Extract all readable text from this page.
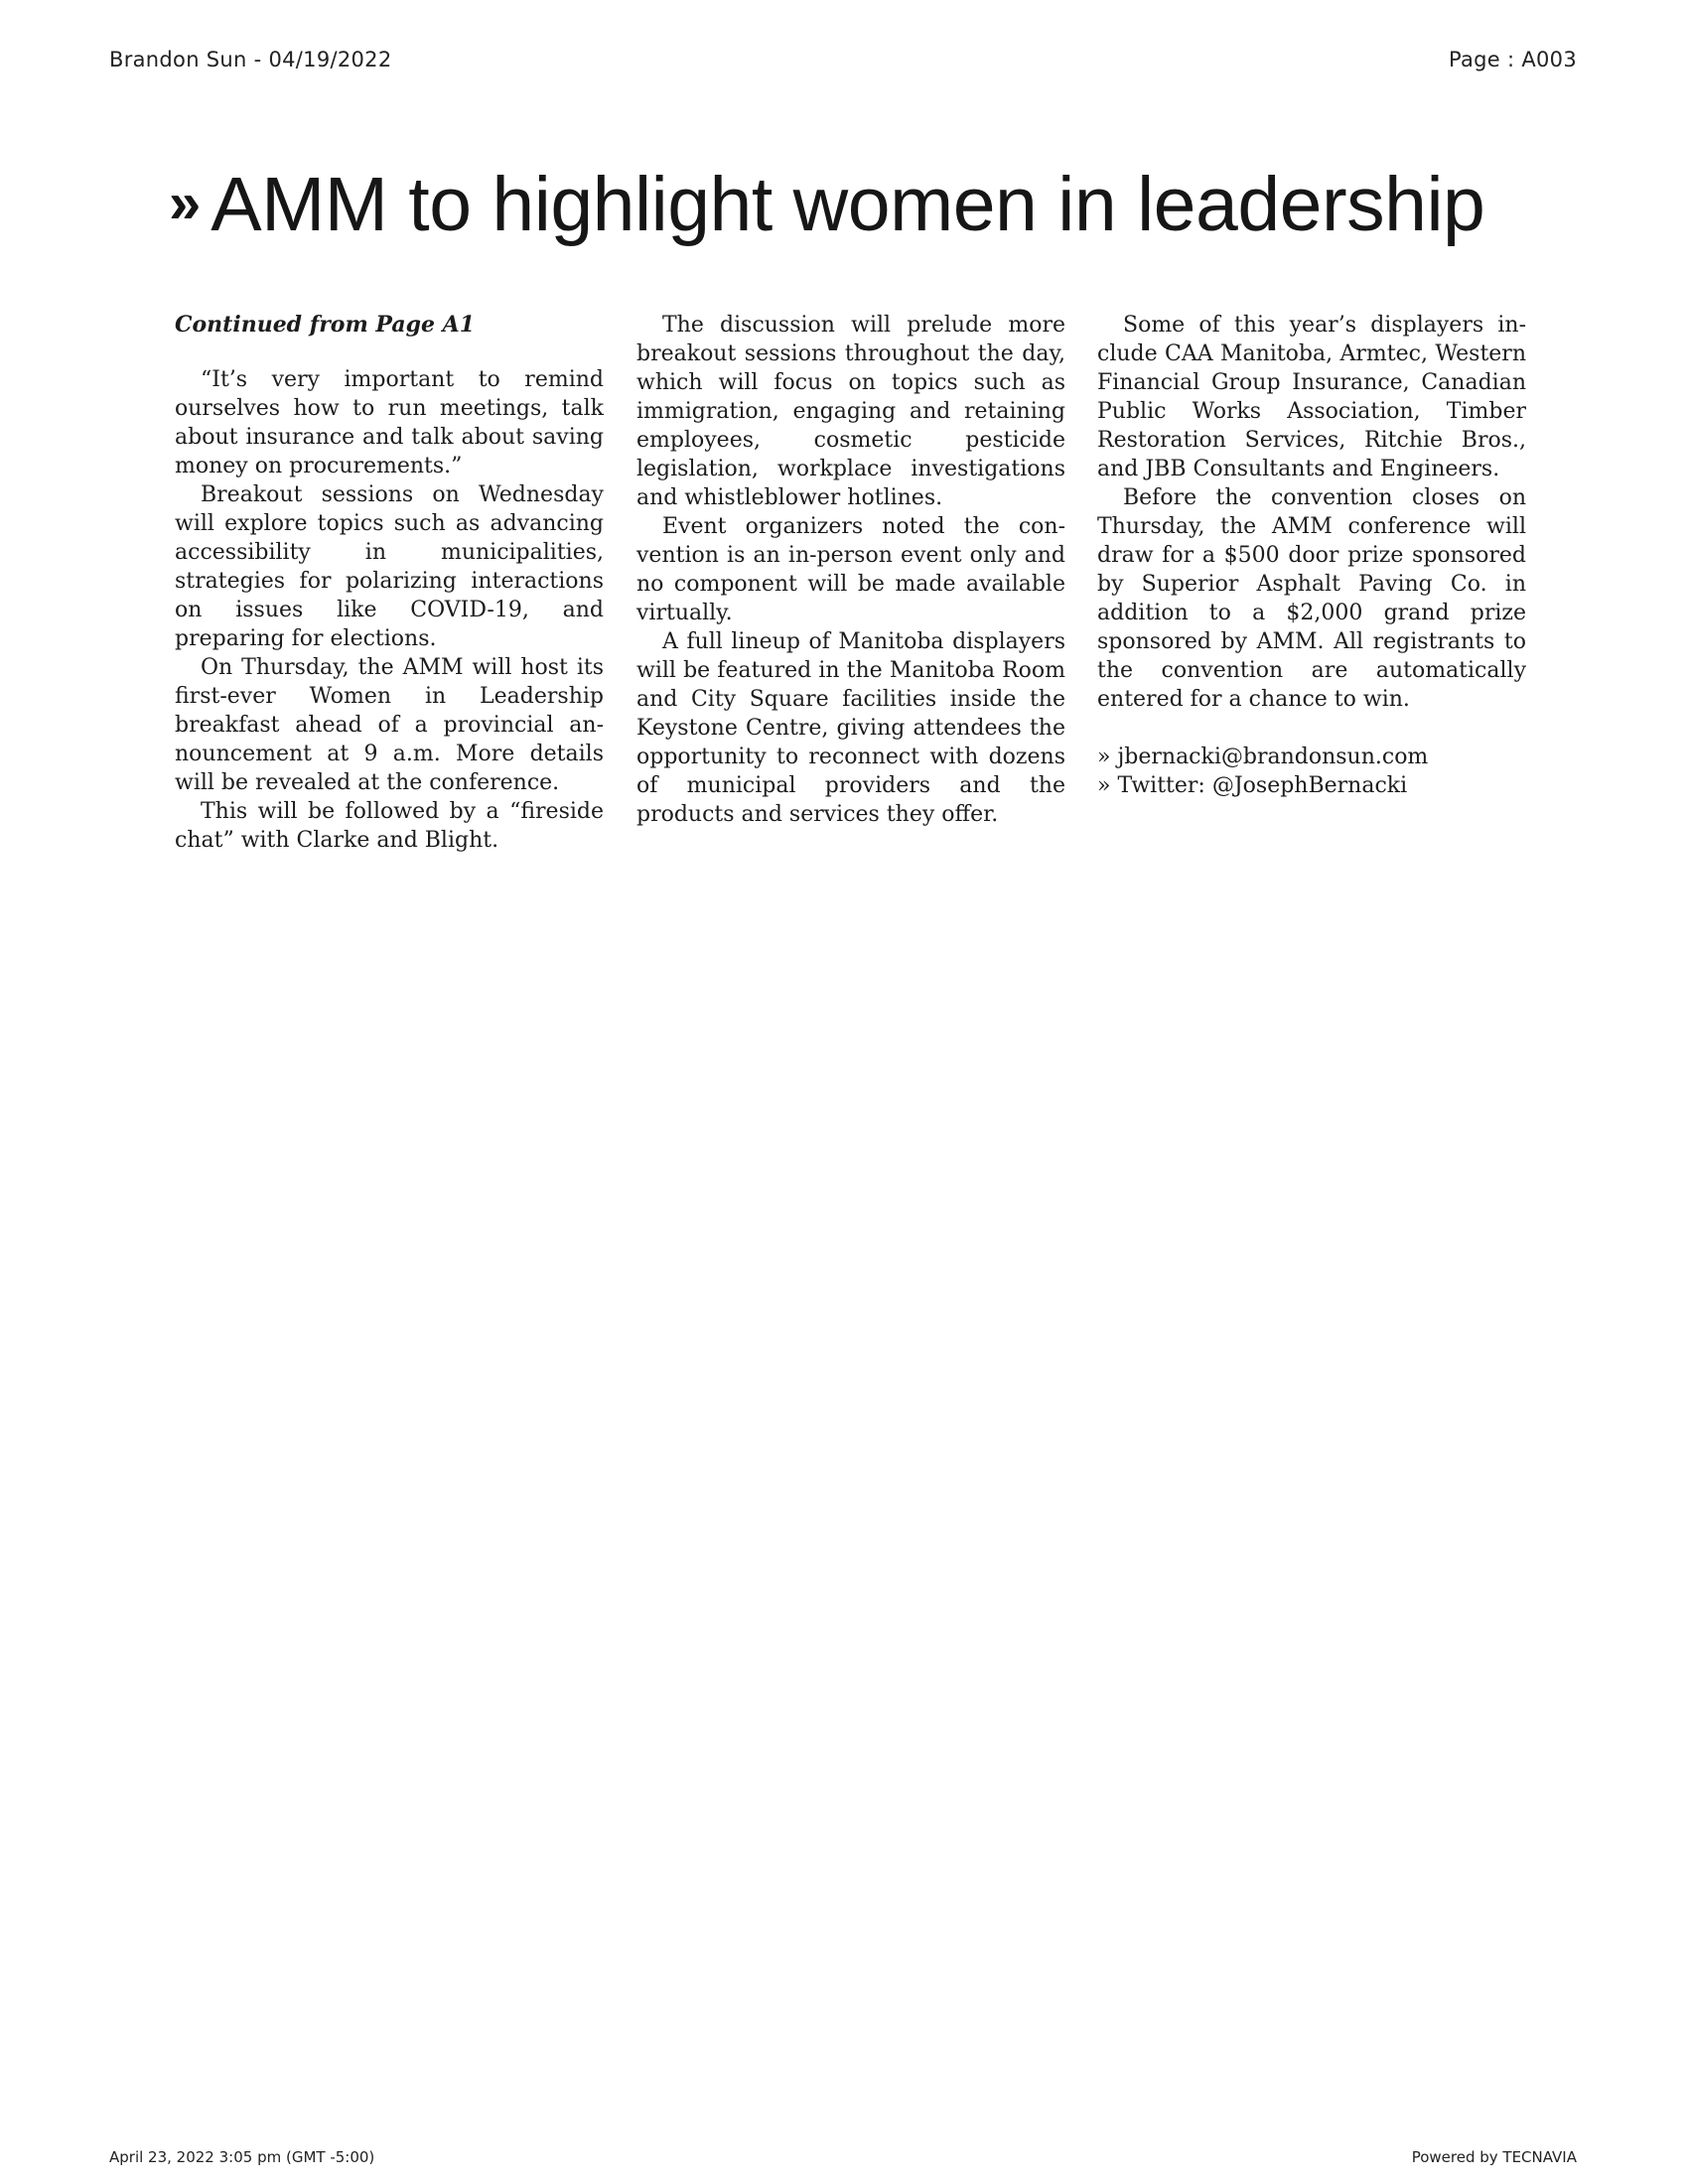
Brandon Sun - 04/19/2022	Page : A003
» AMM to highlight women in leadership

Continued from Page A1

“It’s very important to remind ourselves how to run meetings, talk about insurance and talk about saving money on procurements.”

Breakout sessions on Wednesday will explore topics such as advancing accessibility in municipalities, strategies for polarizing interactions on issues like COVID-19, and preparing for elections.

On Thursday, the AMM will host its first-ever Women in Leadership breakfast ahead of a provincial announcement at 9 a.m. More details will be revealed at the conference.

This will be followed by a “fireside chat” with Clarke and Blight.

The discussion will prelude more breakout sessions throughout the day, which will focus on topics such as immigration, engaging and retaining employees, cosmetic pesticide legislation, workplace investigations and whistleblower hotlines.

Event organizers noted the convention is an in-person event only and no component will be made available virtually.

A full lineup of Manitoba displayers will be featured in the Manitoba Room and City Square facilities inside the Keystone Centre, giving attendees the opportunity to reconnect with dozens of municipal providers and the products and services they offer.

Some of this year’s displayers include CAA Manitoba, Armtec, Western Financial Group Insurance, Canadian Public Works Association, Timber Restoration Services, Ritchie Bros., and JBB Consultants and Engineers.

Before the convention closes on Thursday, the AMM conference will draw for a $500 door prize sponsored by Superior Asphalt Paving Co. in addition to a $2,000 grand prize sponsored by AMM. All registrants to the convention are automatically entered for a chance to win.

» jbernacki@brandonsun.com

» Twitter: @JosephBernacki

April 23, 2022 3:05 pm (GMT -5:00)	Powered by TECNAVIA
